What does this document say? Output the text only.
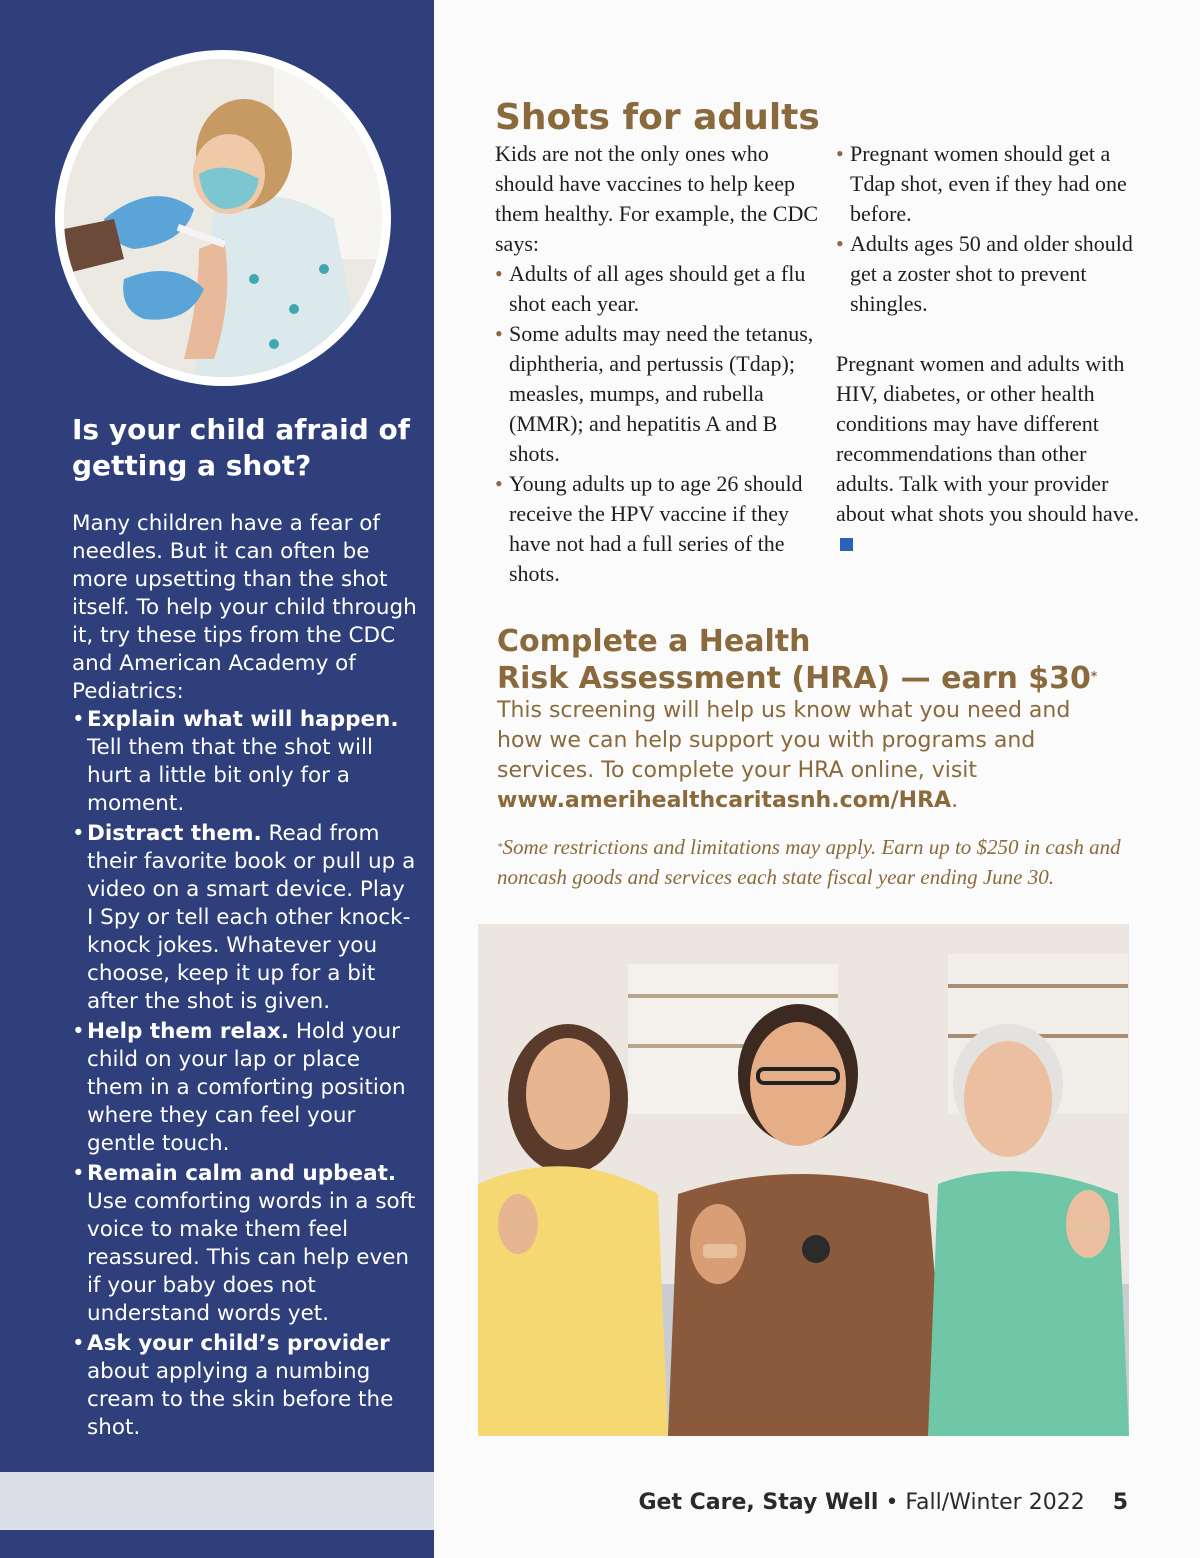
Is your child afraid of getting a shot?

Many children have a fear of needles. But it can often be more upsetting than the shot itself. To help your child through it, try these tips from the CDC and American Academy of Pediatrics:

• Explain what will happen. Tell them that the shot will hurt a little bit only for a moment.
• Distract them. Read from their favorite book or pull up a video on a smart device. Play I Spy or tell each other knock-knock jokes. Whatever you choose, keep it up for a bit after the shot is given.
• Help them relax. Hold your child on your lap or place them in a comforting position where they can feel your gentle touch.
• Remain calm and upbeat. Use comforting words in a soft voice to make them feel reassured. This can help even if your baby does not understand words yet.
• Ask your child’s provider about applying a numbing cream to the skin before the shot.
Shots for adults

Kids are not the only ones who should have vaccines to help keep them healthy. For example, the CDC says:

• Adults of all ages should get a flu shot each year.
• Some adults may need the tetanus, diphtheria, and pertussis (Tdap); measles, mumps, and rubella (MMR); and hepatitis A and B shots.
• Young adults up to age 26 should receive the HPV vaccine if they have not had a full series of the shots.
• Pregnant women should get a Tdap shot, even if they had one before.
• Adults ages 50 and older should get a zoster shot to prevent shingles.

Pregnant women and adults with HIV, diabetes, or other health conditions may have different recommendations than other adults. Talk with your provider about what shots you should have.

Complete a Health
Risk Assessment (HRA) — earn $30*

This screening will help us know what you need and how we can help support you with programs and services. To complete your HRA online, visit www.amerihealthcaritasnh.com/HRA.

*Some restrictions and limitations may apply. Earn up to $250 in cash and noncash goods and services each state fiscal year ending June 30.

Get Care, Stay Well • Fall/Winter 2022 5
